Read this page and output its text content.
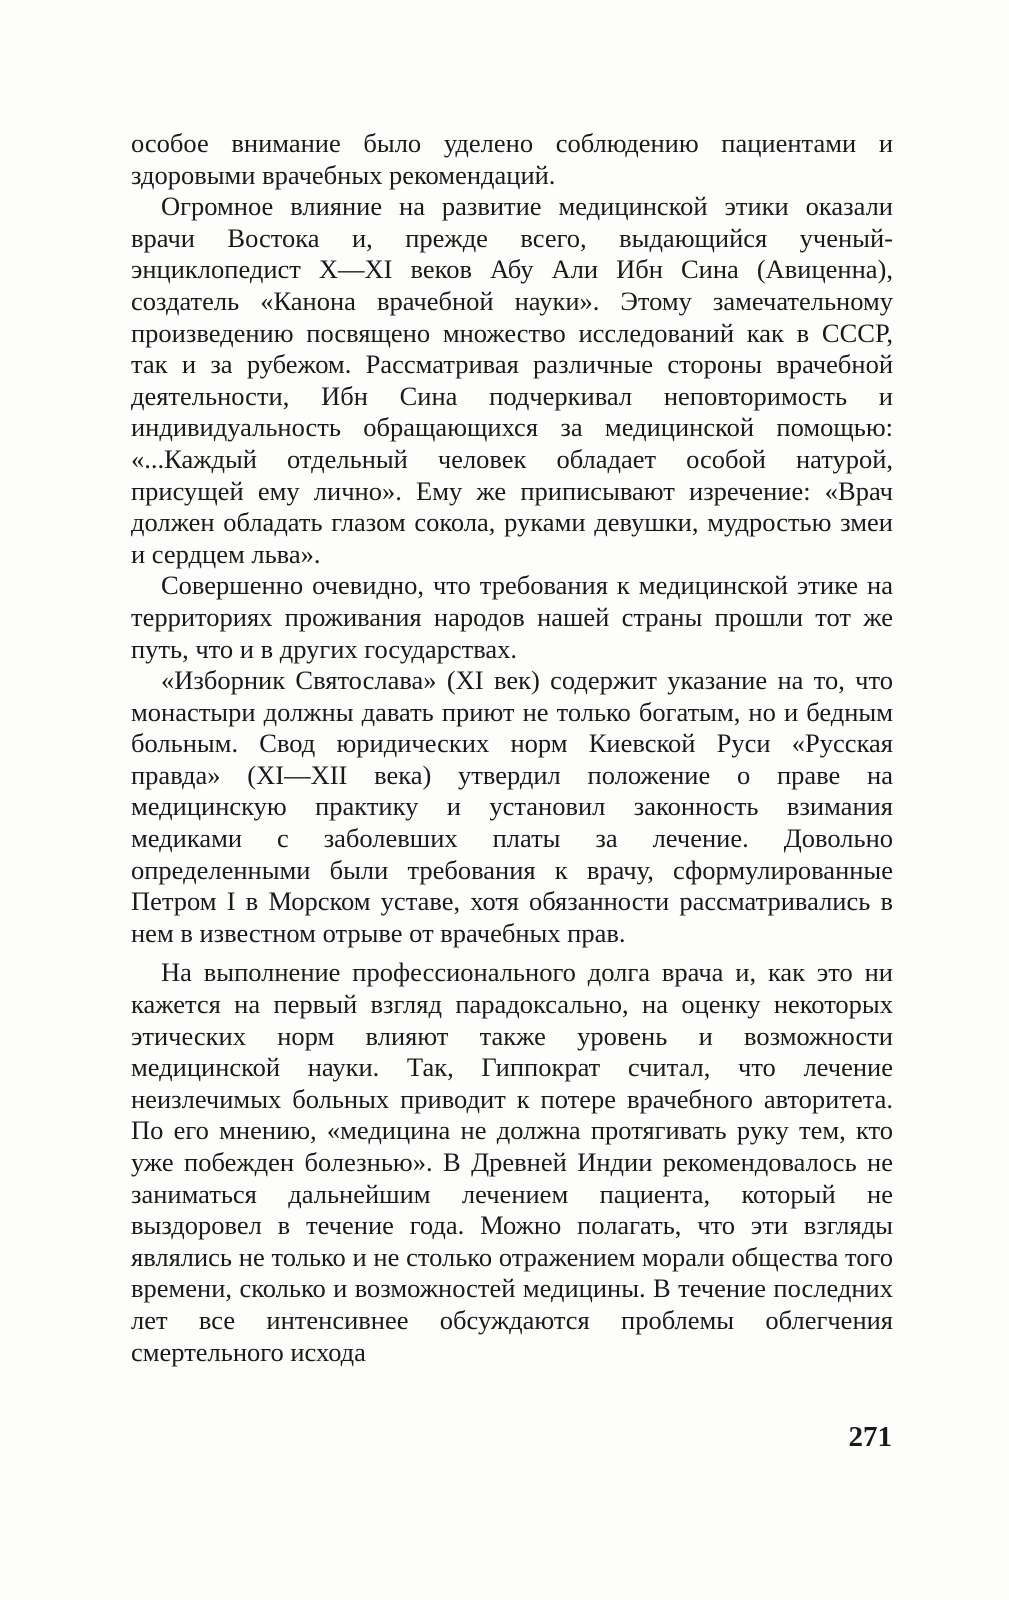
особое внимание было уделено соблюдению пациентами и здоровыми врачебных рекомендаций.

Огромное влияние на развитие медицинской этики оказали врачи Востока и, прежде всего, выдающийся ученый-энциклопедист X—XI веков Абу Али Ибн Сина (Авиценна), создатель «Канона врачебной науки». Этому замечательному произведению посвящено множество исследований как в СССР, так и за рубежом. Рассматривая различные стороны врачебной деятельности, Ибн Сина подчеркивал неповторимость и индивидуальность обращающихся за медицинской помощью: «...Каждый отдельный человек обладает особой натурой, присущей ему лично». Ему же приписывают изречение: «Врач должен обладать глазом сокола, руками девушки, мудростью змеи и сердцем льва».

Совершенно очевидно, что требования к медицинской этике на территориях проживания народов нашей страны прошли тот же путь, что и в других государствах.

«Изборник Святослава» (XI век) содержит указание на то, что монастыри должны давать приют не только богатым, но и бедным больным. Свод юридических норм Киевской Руси «Русская правда» (XI—XII века) утвердил положение о праве на медицинскую практику и установил законность взимания медиками с заболевших платы за лечение. Довольно определенными были требования к врачу, сформулированные Петром I в Морском уставе, хотя обязанности рассматривались в нем в известном отрыве от врачебных прав.

На выполнение профессионального долга врача и, как это ни кажется на первый взгляд парадоксально, на оценку некоторых этических норм влияют также уровень и возможности медицинской науки. Так, Гиппократ считал, что лечение неизлечимых больных приводит к потере врачебного авторитета. По его мнению, «медицина не должна протягивать руку тем, кто уже побежден болезнью». В Древней Индии рекомендовалось не заниматься дальнейшим лечением пациента, который не выздоровел в течение года. Можно полагать, что эти взгляды являлись не только и не столько отражением морали общества того времени, сколько и возможностей медицины. В течение последних лет все интенсивнее обсуждаются проблемы облегчения смертельного исхода

271
